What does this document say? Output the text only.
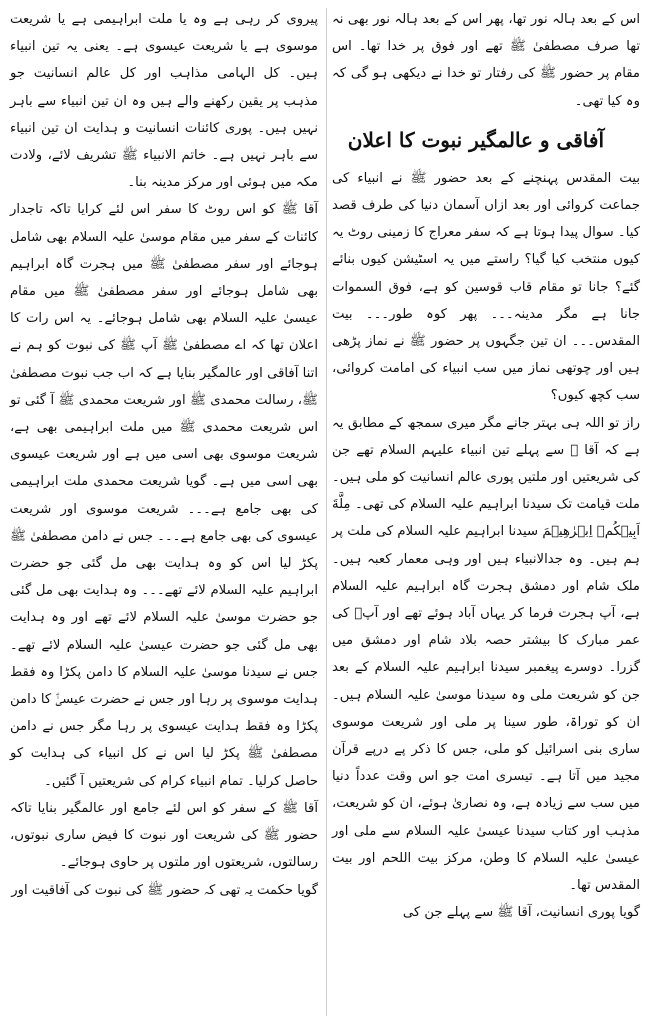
اس کے بعد ہالہ نور تھا، پھر اس کے بعد ہالہ نور بھی نہ تھا صرف مصطفیٰ ﷺ تھے اور فوق پر خدا تھا۔ اس مقام پر حضور ﷺ کی رفتار تو خدا نے دیکھی ہو گی کہ وہ کیا تھی۔

آفاقی و عالمگیر نبوت کا اعلان

بیت المقدس پہنچنے کے بعد حضور ﷺ نے انبیاء کی جماعت کروائی اور بعد ازاں آسمان دنیا کی طرف قصد کیا۔ سوال پیدا ہوتا ہے کہ سفر معراج کا زمینی روٹ یہ کیوں منتخب کیا گیا؟ راستے میں یہ اسٹیشن کیوں بنائے گئے؟ جانا تو مقام قاب قوسین کو ہے، فوق السموات جانا ہے مگر مدینہ۔۔۔ پھر کوہ طور۔۔۔ بیت المقدس۔۔۔ ان تین جگہوں پر حضور ﷺ نے نماز پڑھی ہیں اور چوتھی نماز میں سب انبیاء کی امامت کروائی، سب کچھ کیوں؟

راز تو اللہ ہی بہتر جانے مگر میری سمجھ کے مطابق یہ ہے کہ آقا ﷺ سے پہلے تین انبیاء علیہم السلام تھے جن کی شریعتیں اور ملتیں پوری عالم انسانیت کو ملی ہیں۔ ملت قیامت تک سیدنا ابراہیم علیہ السلام کی تھی۔ مِلَّةَ اَبِیۡكُمۡ اِبۡرٰهِیۡمَ سیدنا ابراہیم علیہ السلام کی ملت پر ہم ہیں۔ وہ جدالانبیاء ہیں اور وہی معمار کعبہ ہیں۔ ملک شام اور دمشق ہجرت گاہ ابراہیم علیہ السلام ہے، آپ ہجرت فرما کر یہاں آباد ہوئے تھے اور آپؑ کی عمر مبارک کا بیشتر حصہ بلاد شام اور دمشق میں گزرا۔ دوسرے پیغمبر سیدنا ابراہیم علیہ السلام کے بعد جن کو شریعت ملی وہ سیدنا موسیٰ علیہ السلام ہیں۔ ان کو توراۃ، طور سینا پر ملی اور شریعت موسوی ساری بنی اسرائیل کو ملی، جس کا ذکر پے درپے قرآن مجید میں آتا ہے۔ تیسری امت جو اس وقت عدداً دنیا میں سب سے زیادہ ہے، وہ نصاریٰ ہوئے، ان کو شریعت، مذہب اور کتاب سیدنا عیسیٰ علیہ السلام سے ملی اور عیسیٰ علیہ السلام کا وطن، مرکز بیت اللحم اور بیت المقدس تھا۔

گویا پوری انسانیت، آقا ﷺ سے پہلے جن کی

پیروی کر رہی ہے وہ یا ملت ابراہیمی ہے یا شریعت موسوی ہے یا شریعت عیسوی ہے۔ یعنی یہ تین انبیاء ہیں۔ کل الہامی مذاہب اور کل عالم انسانیت جو مذہب پر یقین رکھنے والے ہیں وہ ان تین انبیاء سے باہر نہیں ہیں۔ پوری کائنات انسانیت و ہدایت ان تین انبیاء سے باہر نہیں ہے۔ خاتم الانبیاء ﷺ تشریف لائے، ولادت مکہ میں ہوئی اور مرکز مدینہ بنا۔

آقا ﷺ کو اس روٹ کا سفر اس لئے کرایا تاکہ تاجدار کائنات کے سفر میں مقام موسیٰ علیہ السلام بھی شامل ہوجائے اور سفر مصطفیٰ ﷺ میں ہجرت گاہ ابراہیم بھی شامل ہوجائے اور سفر مصطفیٰ ﷺ میں مقام عیسیٰ علیہ السلام بھی شامل ہوجائے۔ یہ اس رات کا اعلان تھا کہ اے مصطفیٰ ﷺ آپ ﷺ کی نبوت کو ہم نے اتنا آفاقی اور عالمگیر بنایا ہے کہ اب جب نبوت مصطفیٰ ﷺ، رسالت محمدی ﷺ اور شریعت محمدی ﷺ آ گئی تو اس شریعت محمدی ﷺ میں ملت ابراہیمی بھی ہے، شریعت موسوی بھی اسی میں ہے اور شریعت عیسوی بھی اسی میں ہے۔ گویا شریعت محمدی ملت ابراہیمی کی بھی جامع ہے۔۔۔ شریعت موسوی اور شریعت عیسوی کی بھی جامع ہے۔۔۔ جس نے دامن مصطفیٰ ﷺ پکڑ لیا اس کو وہ ہدایت بھی مل گئی جو حضرت ابراہیم علیہ السلام لائے تھے۔۔۔ وہ ہدایت بھی مل گئی جو حضرت موسیٰ علیہ السلام لائے تھے اور وہ ہدایت بھی مل گئی جو حضرت عیسیٰ علیہ السلام لائے تھے۔ جس نے سیدنا موسیٰ علیہ السلام کا دامن پکڑا وہ فقط ہدایت موسوی پر رہا اور جس نے حضرت عیسیٰؑ کا دامن پکڑا وہ فقط ہدایت عیسوی پر رہا مگر جس نے دامن مصطفیٰ ﷺ پکڑ لیا اس نے کل انبیاء کی ہدایت کو حاصل کرلیا۔ تمام انبیاء کرام کی شریعتیں آ گئیں۔

آقا ﷺ کے سفر کو اس لئے جامع اور عالمگیر بنایا تاکہ حضور ﷺ کی شریعت اور نبوت کا فیض ساری نبوتوں، رسالتوں، شریعتوں اور ملتوں پر حاوی ہوجائے۔

گویا حکمت یہ تھی کہ حضور ﷺ کی نبوت کی آفاقیت اور
